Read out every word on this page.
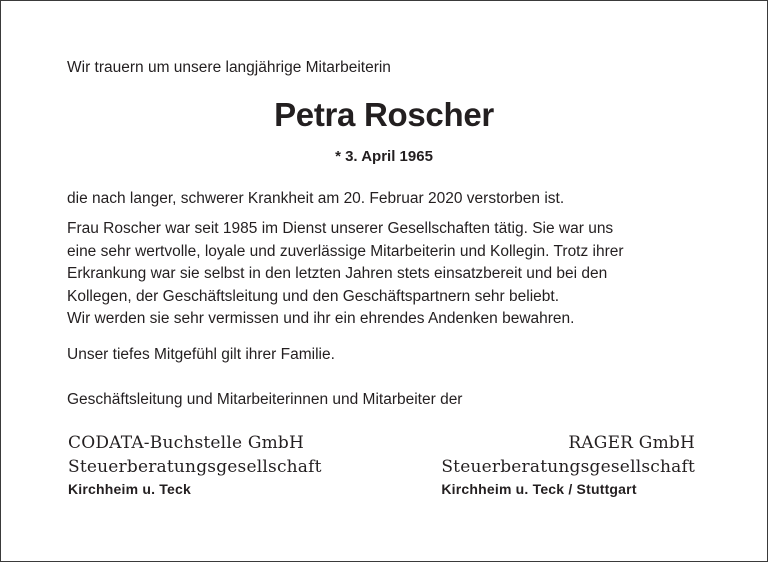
Wir trauern um unsere langjährige Mitarbeiterin
Petra Roscher
* 3. April 1965
die nach langer, schwerer Krankheit am 20. Februar 2020 verstorben ist.
Frau Roscher war seit 1985 im Dienst unserer Gesellschaften tätig. Sie war uns
eine sehr wertvolle, loyale und zuverlässige Mitarbeiterin und Kollegin. Trotz ihrer
Erkrankung war sie selbst in den letzten Jahren stets einsatzbereit und bei den
Kollegen, der Geschäftsleitung und den Geschäftspartnern sehr beliebt.
Wir werden sie sehr vermissen und ihr ein ehrendes Andenken bewahren.
Unser tiefes Mitgefühl gilt ihrer Familie.
Geschäftsleitung und Mitarbeiterinnen und Mitarbeiter der
CODATA-Buchstelle GmbH
Steuerberatungsgesellschaft
Kirchheim u. Teck
RAGER GmbH
Steuerberatungsgesellschaft
Kirchheim u. Teck / Stuttgart
